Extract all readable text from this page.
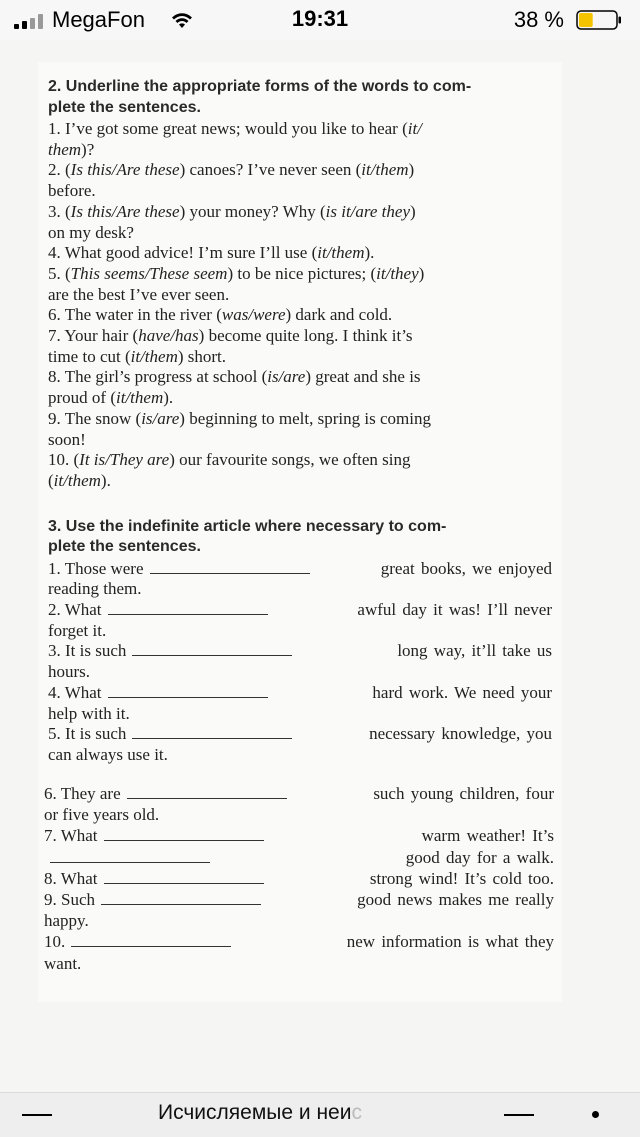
MegaFon	19:31	38 %
2. Underline the appropriate forms of the words to com-
plete the sentences.
1. I’ve got some great news; would you like to hear (it/
them)?
2. (Is this/Are these) canoes? I’ve never seen (it/them)
before.
3. (Is this/Are these) your money? Why (is it/are they)
on my desk?
4. What good advice! I’m sure I’ll use (it/them).
5. (This seems/These seem) to be nice pictures; (it/they)
are the best I’ve ever seen.
6. The water in the river (was/were) dark and cold.
7. Your hair (have/has) become quite long. I think it’s
time to cut (it/them) short.
8. The girl’s progress at school (is/are) great and she is
proud of (it/them).
9. The snow (is/are) beginning to melt, spring is coming
soon!
10. (It is/They are) our favourite songs, we often sing
(it/them).
3. Use the indefinite article where necessary to com-
plete the sentences.
1. Those were	great books, we enjoyed
reading them.
2. What	awful day it was! I’ll never
forget it.
3. It is such	long way, it’ll take us
hours.
4. What	hard work. We need your
help with it.
5. It is such	necessary knowledge, you
can always use it.
6. They are	such young children, four
or five years old.
7. What	warm weather! It’s
good day for a walk.
8. What	strong wind! It’s cold too.
9. Such	good news makes me really
happy.
10.	new information is what they
want.
Исчисляемые и неис
